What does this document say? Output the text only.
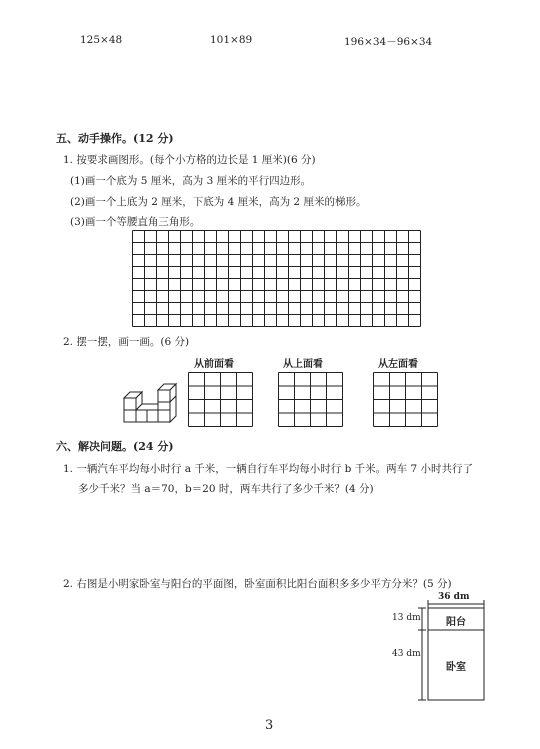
125×48	101×89	196×34－96×34
五、动手操作。(12 分)
1. 按要求画图形。(每个小方格的边长是 1 厘米)(6 分)
(1)画一个底为 5 厘米，高为 3 厘米的平行四边形。
(2)画一个上底为 2 厘米，下底为 4 厘米，高为 2 厘米的梯形。
(3)画一个等腰直角三角形。
2. 摆一摆，画一画。(6 分)
从前面看	从上面看	从左面看
六、解决问题。(24 分)
1. 一辆汽车平均每小时行 a 千米，一辆自行车平均每小时行 b 千米。两车 7 小时共行了
多少千米？当 a＝70，b＝20 时，两车共行了多少千米？(4 分)
2. 右图是小明家卧室与阳台的平面图，卧室面积比阳台面积多多少平方分米？(5 分)
36 dm
13 dm
43 dm
阳台
卧室
3
